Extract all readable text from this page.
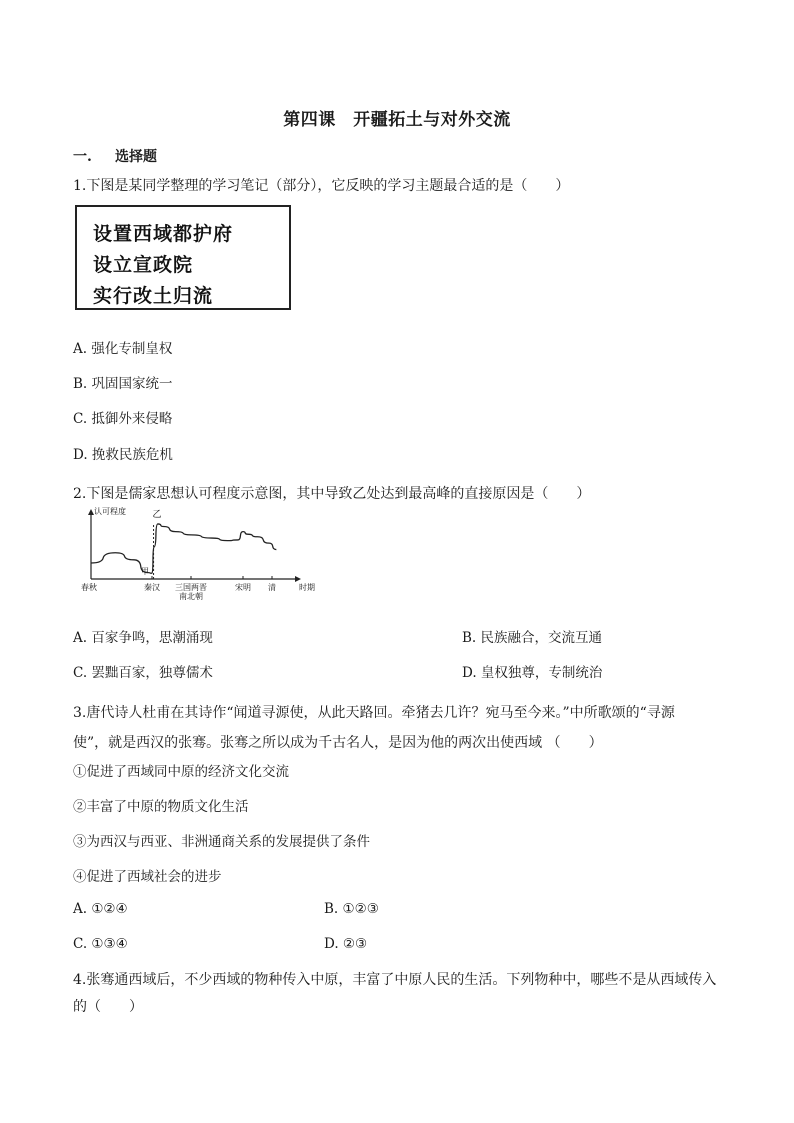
第四课　开疆拓土与对外交流
一. 选择题
1.下图是某同学整理的学习笔记（部分），它反映的学习主题最合适的是（　　）
设置西域都护府
设立宣政院
实行改土归流
A. 强化专制皇权
B. 巩固国家统一
C. 抵御外来侵略
D. 挽救民族危机
2.下图是儒家思想认可程度示意图，其中导致乙处达到最高峰的直接原因是（　　）
认可程度
时期
春秋	秦汉 三国两晋
南北朝
宋明 清
甲
乙
A. 百家争鸣，思潮涌现	B. 民族融合，交流互通
C. 罢黜百家，独尊儒术	D. 皇权独尊，专制统治
3.唐代诗人杜甫在其诗作“闻道寻源使，从此天路回。牵猪去几许？宛马至今来。”中所歌颂的“寻源
使”，就是西汉的张骞。张骞之所以成为千古名人，是因为他的两次出使西域 （　　）
①促进了西域同中原的经济文化交流
②丰富了中原的物质文化生活
③为西汉与西亚、非洲通商关系的发展提供了条件
④促进了西域社会的进步
A. ①②④	B. ①②③
C. ①③④	D. ②③
4.张骞通西域后，不少西域的物种传入中原，丰富了中原人民的生活。下列物种中，哪些不是从西域传入
的（　　）
